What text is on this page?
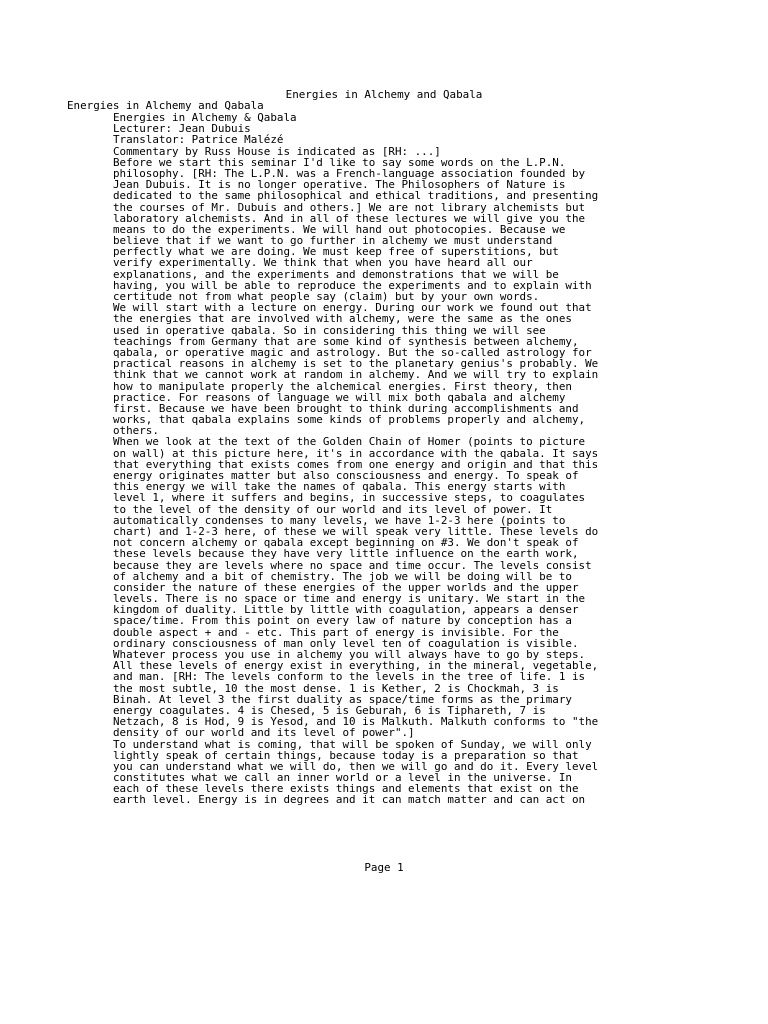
Energies in Alchemy and Qabala
Energies in Alchemy and Qabala
Energies in Alchemy & Qabala
Lecturer: Jean Dubuis
Translator: Patrice Malézé
Commentary by Russ House is indicated as [RH: ...]
Before we start this seminar I'd like to say some words on the L.P.N.
philosophy. [RH: The L.P.N. was a French-language association founded by
Jean Dubuis. It is no longer operative. The Philosophers of Nature is
dedicated to the same philosophical and ethical traditions, and presenting
the courses of Mr. Dubuis and others.] We are not library alchemists but
laboratory alchemists. And in all of these lectures we will give you the
means to do the experiments. We will hand out photocopies. Because we
believe that if we want to go further in alchemy we must understand
perfectly what we are doing. We must keep free of superstitions, but
verify experimentally. We think that when you have heard all our
explanations, and the experiments and demonstrations that we will be
having, you will be able to reproduce the experiments and to explain with
certitude not from what people say (claim) but by your own words.
We will start with a lecture on energy. During our work we found out that
the energies that are involved with alchemy, were the same as the ones
used in operative qabala. So in considering this thing we will see
teachings from Germany that are some kind of synthesis between alchemy,
qabala, or operative magic and astrology. But the so-called astrology for
practical reasons in alchemy is set to the planetary genius's probably. We
think that we cannot work at random in alchemy. And we will try to explain
how to manipulate properly the alchemical energies. First theory, then
practice. For reasons of language we will mix both qabala and alchemy
first. Because we have been brought to think during accomplishments and
works, that qabala explains some kinds of problems properly and alchemy,
others.
When we look at the text of the Golden Chain of Homer (points to picture
on wall) at this picture here, it's in accordance with the qabala. It says
that everything that exists comes from one energy and origin and that this
energy originates matter but also consciousness and energy. To speak of
this energy we will take the names of qabala. This energy starts with
level 1, where it suffers and begins, in successive steps, to coagulates
to the level of the density of our world and its level of power. It
automatically condenses to many levels, we have 1-2-3 here (points to
chart) and 1-2-3 here, of these we will speak very little. These levels do
not concern alchemy or qabala except beginning on #3. We don't speak of
these levels because they have very little influence on the earth work,
because they are levels where no space and time occur. The levels consist
of alchemy and a bit of chemistry. The job we will be doing will be to
consider the nature of these energies of the upper worlds and the upper
levels. There is no space or time and energy is unitary. We start in the
kingdom of duality. Little by little with coagulation, appears a denser
space/time. From this point on every law of nature by conception has a
double aspect + and - etc. This part of energy is invisible. For the
ordinary consciousness of man only level ten of coagulation is visible.
Whatever process you use in alchemy you will always have to go by steps.
All these levels of energy exist in everything, in the mineral, vegetable,
and man. [RH: The levels conform to the levels in the tree of life. 1 is
the most subtle, 10 the most dense. 1 is Kether, 2 is Chockmah, 3 is
Binah. At level 3 the first duality as space/time forms as the primary
energy coagulates. 4 is Chesed, 5 is Geburah, 6 is Tiphareth, 7 is
Netzach, 8 is Hod, 9 is Yesod, and 10 is Malkuth. Malkuth conforms to "the
density of our world and its level of power".]
To understand what is coming, that will be spoken of Sunday, we will only
lightly speak of certain things, because today is a preparation so that
you can understand what we will do, then we will go and do it. Every level
constitutes what we call an inner world or a level in the universe. In
each of these levels there exists things and elements that exist on the
earth level. Energy is in degrees and it can match matter and can act on
Page 1
